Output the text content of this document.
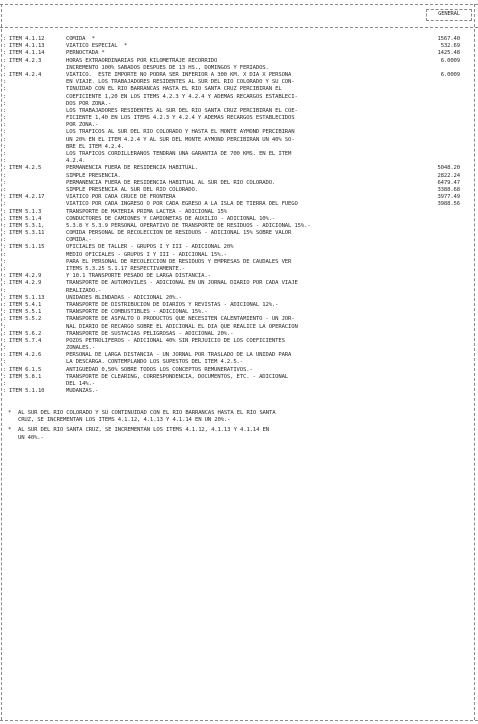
GENERAL
: ITEM 4.1.12	COMIDA  *	1567.40
: ITEM 4.1.13	VIATICO ESPECIAL  *	532.69
: ITEM 4.1.14	PERNOCTADA *	1425.48
: ITEM 4.2.3	HORAS EXTRAORDINARIAS POR KILOMETRAJE RECORRIDO	6.0009
:	INCREMENTO 100% SABADOS DESPUES DE 13 HS., DOMINGOS Y FERIADOS.
: ITEM 4.2.4	VIATICO.  ESTE IMPORTE NO PODRA SER INFERIOR A 300 KM. X DIA X PERSONA	6.0009
:	EN VIAJE. LOS TRABAJADORES RESIDENTES AL SUR DEL RIO COLORADO Y SU CON-
:	TINUIDAD CON EL RIO BARRANCAS HASTA EL RIO SANTA CRUZ PERCIBIRAN EL
:	COEFICIENTE 1,20 EN LOS ITEMS 4.2.3 Y 4.2.4 Y ADEMAS RECARGOS ESTABLECI-
:	DOS POR ZONA.-
:	LOS TRABAJADORES RESIDENTES AL SUR DEL RIO SANTA CRUZ PERCIBIRAN EL COE-
:	FICIENTE 1,40 EN LOS ITEMS 4.2.3 Y 4.2.4 Y ADEMAS RECARGOS ESTABLECIDOS
:	POR ZONA.-
:	LOS TRAFICOS AL SUR DEL RIO COLORADO Y HASTA EL MONTE AYMOND PERCIBIRAN
:	UN 20% EN EL ITEM 4.2.4 Y AL SUR DEL MONTE AYMOND PERCIBIRAN UN 40% SO-
:	BRE EL ITEM 4.2.4.
:	LOS TRAFICOS CORDILLERANOS TENDRAN UNA GARANTIA DE 700 KMS. EN EL ITEM
:	4.2.4.
: ITEM 4.2.5	PERMANENCIA FUERA DE RESIDENCIA HABITUAL.	5048.20
:	SIMPLE PRESENCIA.	2822.24
:	PERMANENCIA FUERA DE RESIDENCIA HABITUAL AL SUR DEL RIO COLORADO.	6479.47
:	SIMPLE PRESENCIA AL SUR DEL RIO COLORADO.	3388.68
: ITEM 4.2.17	VIATICO POR CADA CRUCE DE FRONTERA	3977.49
:	VIATICO POR CADA INGRESO O POR CADA EGRESO A LA ISLA DE TIERRA DEL FUEGO	3988.56
: ITEM 5.1.3	TRANSPORTE DE MATERIA PRIMA LACTEA - ADICIONAL 15%
: ITEM 5.1.4	CONDUCTORES DE CAMIONES Y CAMIONETAS DE AUXILIO - ADICIONAL 10%.-
: ITEM 5.3.1,	5.3.8 Y 5.3.9 PERSONAL OPERATIVO DE TRANSPORTE DE RESIDUOS - ADICIONAL 15%.-
: ITEM 5.3.11	COMIDA PERSONAL DE RECOLECCION DE RESIDUOS - ADICIONAL 15% SOBRE VALOR
:	COMIDA.-
: ITEM 5.1.15	OFICIALES DE TALLER - GRUPOS I Y III - ADICIONAL 20%
:	MEDIO OFICIALES - GRUPOS I Y III - ADICIONAL 15%.-
:	PARA EL PERSONAL DE RECOLECCION DE RESIDUOS Y EMPRESAS DE CAUDALES VER
:	ITEMS 5.3.25 5.1.17 RESPECTIVAMENTE.-
: ITEM 4.2.9	Y 10.1 TRANSPORTE PESADO DE LARGA DISTANCIA.-
: ITEM 4.2.9	TRANSPORTE DE AUTOMOVILES - ADICIONAL EN UN JORNAL DIARIO POR CADA VIAJE
:	REALIZADO.-
: ITEM 5.1.13	UNIDADES BLINDADAS - ADICIONAL 20%.-
: ITEM 5.4.1	TRANSPORTE DE DISTRIBUCION DE DIARIOS Y REVISTAS - ADICIONAL 12%.-
: ITEM 5.5.1	TRANSPORTE DE COMBUSTIBLES - ADICIONAL 15%.-
: ITEM 5.5.2	TRANSPORTE DE ASFALTO O PRODUCTOS QUE NECESITEN CALENTAMIENTO - UN JOR-
:	NAL DIARIO DE RECARGO SOBRE EL ADICIONAL EL DIA QUE REALICE LA OPERACION
: ITEM 5.6.2	TRANSPORTE DE SUSTACIAS PELIGROSAS - ADICIONAL 20%.-
: ITEM 5.7.4	POZOS PETROLIFEROS - ADICIONAL 40% SIN PERJUICIO DE LOS COEFICIENTES
:	ZONALES.-
: ITEM 4.2.6	PERSONAL DE LARGA DISTANCIA - UN JORNAL POR TRASLADO DE LA UNIDAD PARA
:	LA DESCARGA. CONTEMPLANDO LOS SUPESTOS DEL ITEM 4.2.5.-
: ITEM 6.1.5	ANTIGUEDAD 0,50% SOBRE TODOS LOS CONCEPTOS REMUNERATIVOS.-
: ITEM 5.8.1	TRANSPORTE DE CLEARING, CORRESPONDENCIA, DOCUMENTOS, ETC. - ADICIONAL
:	DEL 14%.-
: ITEM 5.1.10	MUDANZAS.-
* AL SUR DEL RIO COLORADO Y SU CONTINUIDAD CON EL RIO BARRANCAS HASTA EL RIO SANTA
CRUZ, SE INCREMENTAN LOS ITEMS 4.1.12, 4.1.13 Y 4.1.14 EN UN 20%.-
* AL SUR DEL RIO SANTA CRUZ, SE INCREMENTAN LOS ITEMS 4.1.12, 4.1.13 Y 4.1.14 EN
UN 40%.-
